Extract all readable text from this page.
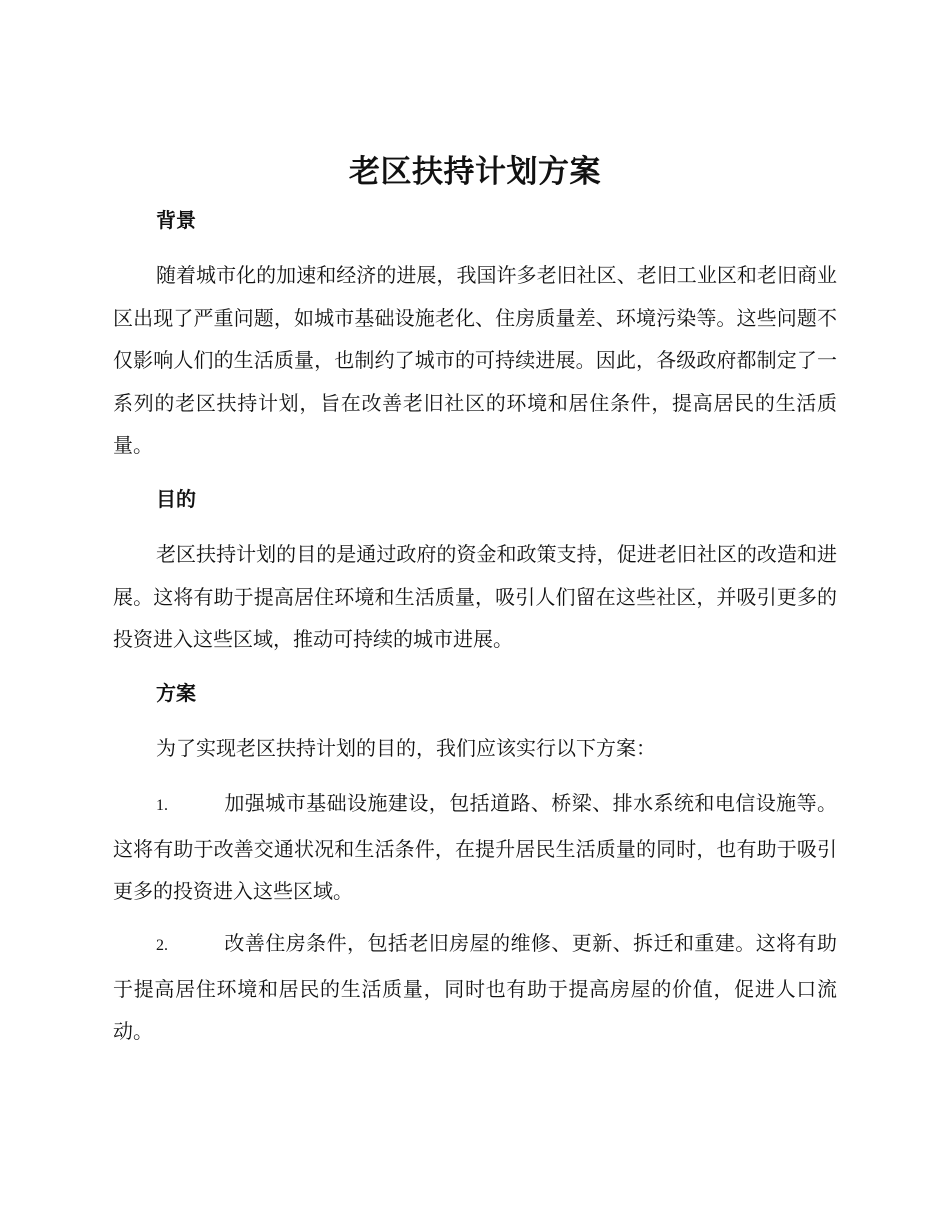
老区扶持计划方案
背景

随着城市化的加速和经济的进展，我国许多老旧社区、老旧工业区和老旧商业区出现了严重问题，如城市基础设施老化、住房质量差、环境污染等。这些问题不仅影响人们的生活质量，也制约了城市的可持续进展。因此，各级政府都制定了一系列的老区扶持计划，旨在改善老旧社区的环境和居住条件，提高居民的生活质量。

目的

老区扶持计划的目的是通过政府的资金和政策支持，促进老旧社区的改造和进展。这将有助于提高居住环境和生活质量，吸引人们留在这些社区，并吸引更多的投资进入这些区域，推动可持续的城市进展。

方案

为了实现老区扶持计划的目的，我们应该实行以下方案：

1.	加强城市基础设施建设，包括道路、桥梁、排水系统和电信设施等。这将有助于改善交通状况和生活条件，在提升居民生活质量的同时，也有助于吸引更多的投资进入这些区域。

2.	改善住房条件，包括老旧房屋的维修、更新、拆迁和重建。这将有助于提高居住环境和居民的生活质量，同时也有助于提高房屋的价值，促进人口流动。
